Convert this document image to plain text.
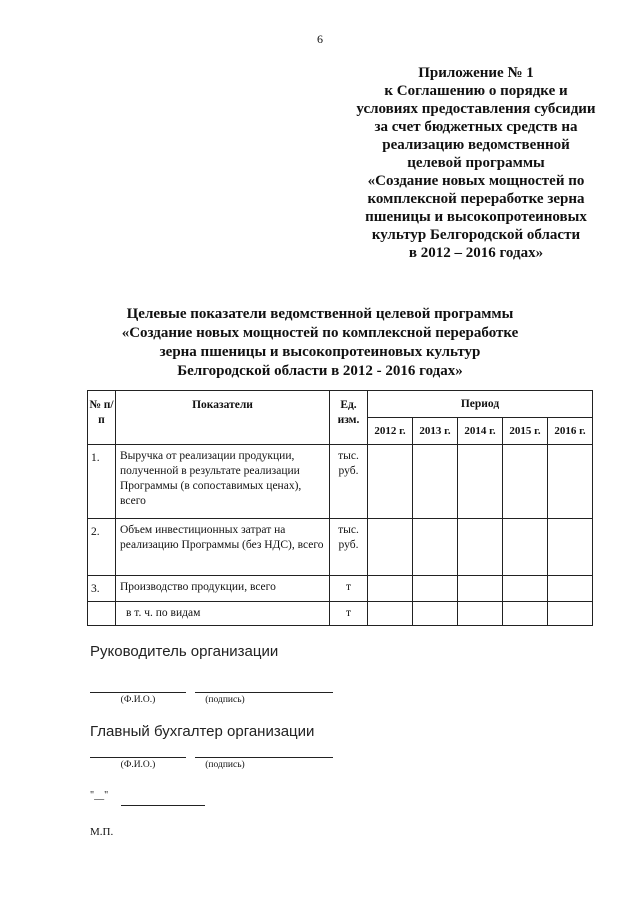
6
Приложение № 1
к Соглашению о порядке и
условиях предоставления субсидии
за счет бюджетных средств на
реализацию ведомственной
целевой программы
«Создание новых мощностей по
комплексной переработке зерна
пшеницы и высокопротеиновых
культур Белгородской области
в 2012 – 2016 годах»
Целевые показатели ведомственной целевой программы
«Создание новых мощностей по комплексной переработке
зерна пшеницы и высокопротеиновых культур
Белгородской области в 2012 - 2016 годах»
№ п/п	Показатели	Ед. изм.	Период				
			2012 г.	2013 г.	2014 г.	2015 г.	2016 г.
1.	Выручка от реализации продукции, полученной в результате реализации Программы (в сопоставимых ценах), всего	тыс. руб.					
2.	Объем инвестиционных затрат на реализацию Программы (без НДС), всего	тыс. руб.					
3.	Производство продукции, всего	т					
	в т. ч. по видам	т					
Руководитель организации
(Ф.И.О.)	(подпись)
Главный бухгалтер организации
(Ф.И.О.)	(подпись)
"__"
М.П.
